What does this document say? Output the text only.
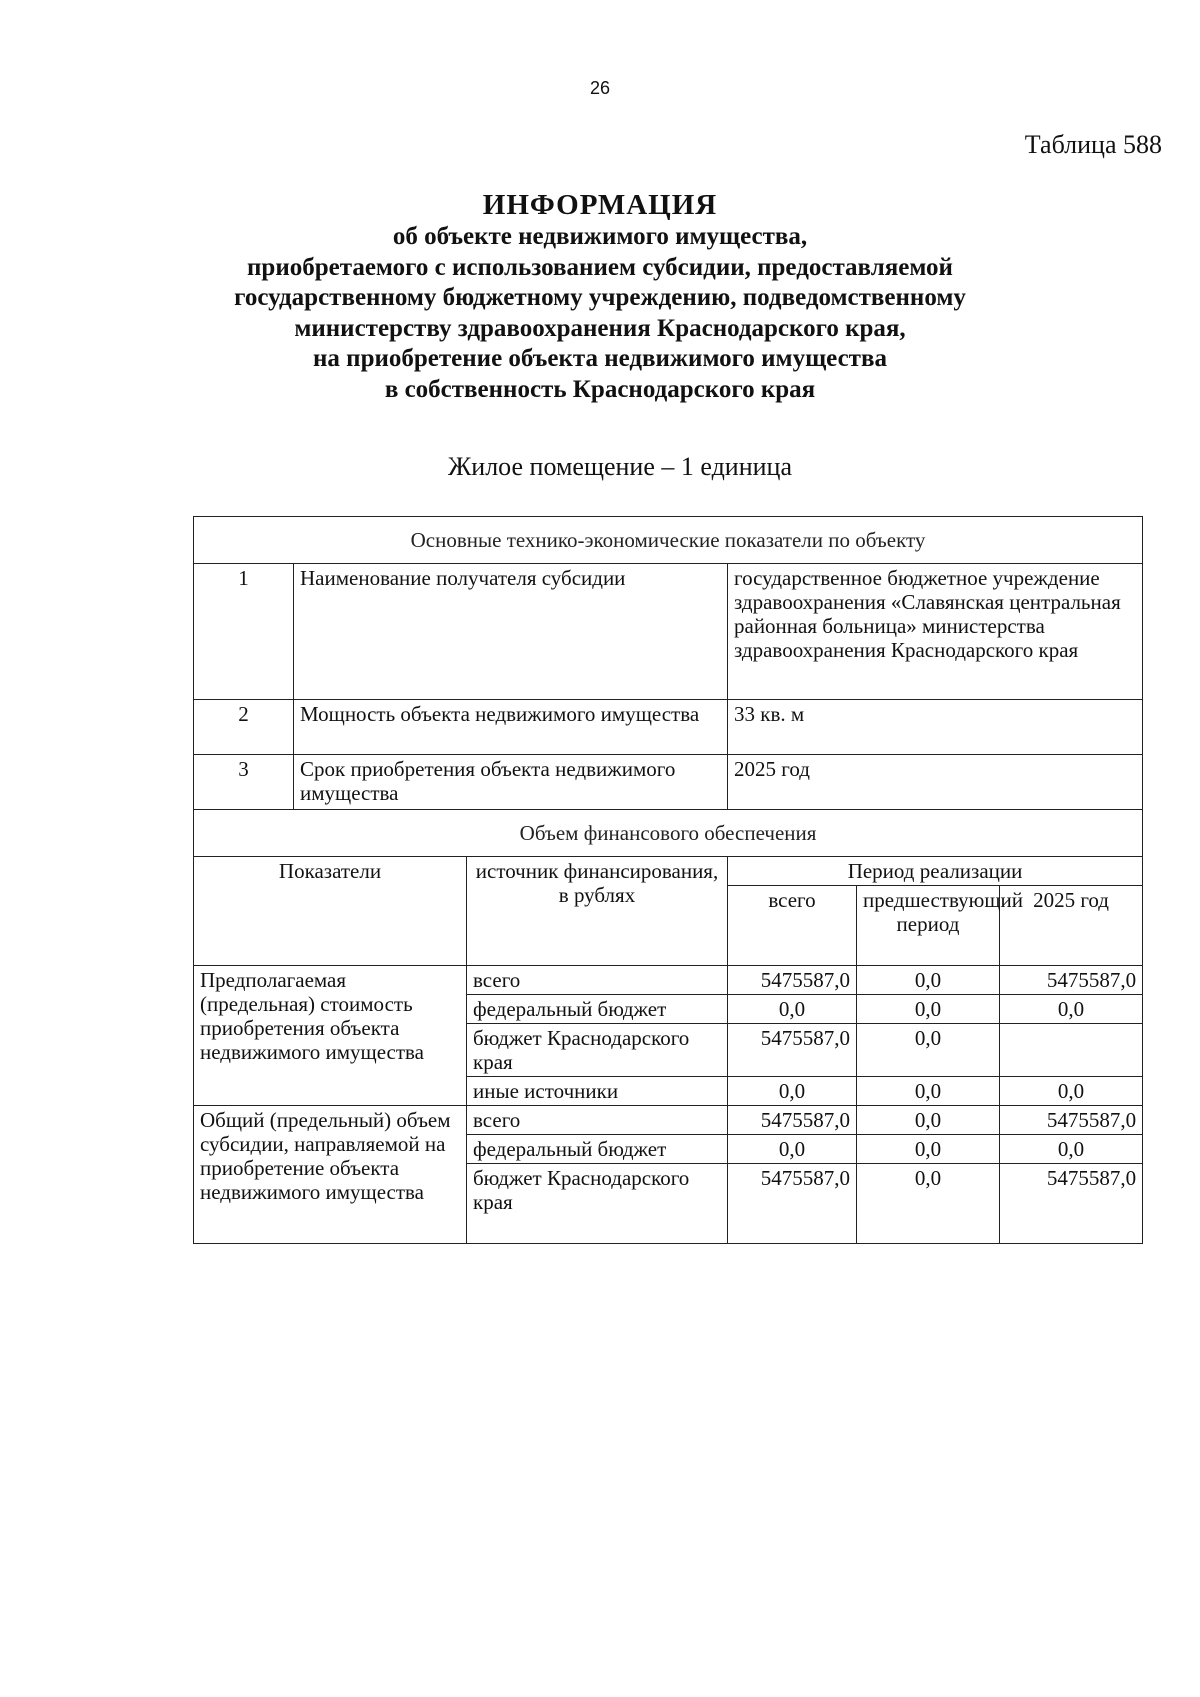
26
Таблица 588
ИНФОРМАЦИЯ
об объекте недвижимого имущества,
приобретаемого с использованием субсидии, предоставляемой
государственному бюджетному учреждению, подведомственному
министерству здравоохранения Краснодарского края,
на приобретение объекта недвижимого имущества
в собственность Краснодарского края
Жилое помещение – 1 единица
Основные технико-экономические показатели по объекту					
1	Наименование получателя субсидии		государственное бюджетное учреждение здравоохранения «Славянская центральная районная больница» министерства здравоохранения Краснодарского края		
2	Мощность объекта недвижимого имущества		33 кв. м		
3	Срок приобретения объекта недвижимого имущества		2025 год		
Объем финансового обеспечения					
Показатели		источник финансирования, в рублях	Период реализации		
			всего	предшествующий период	2025 год
Предполагаемая (предельная) стоимость приобретения объекта недвижимого имущества		всего	5475587,0	0,0	5475587,0
		федеральный бюджет	0,0	0,0	0,0
		бюджет Краснодарского края	5475587,0	0,0	
		иные источники	0,0	0,0	0,0
Общий (предельный) объем субсидии, направляемой на приобретение объекта недвижимого имущества		всего	5475587,0	0,0	5475587,0
		федеральный бюджет	0,0	0,0	0,0
		бюджет Краснодарского края	5475587,0	0,0	5475587,0
